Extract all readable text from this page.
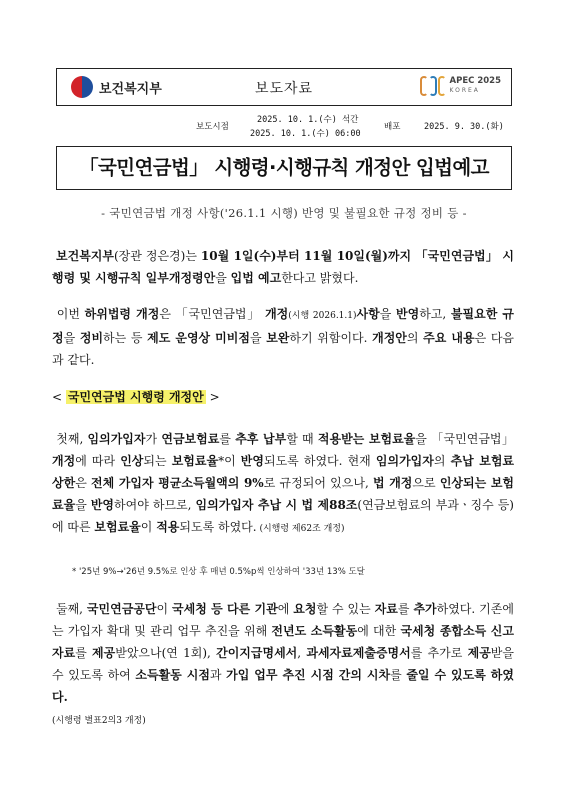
보건복지부	보도자료	APEC 2025
KOREA
보도시점
2025. 10. 1.(수) 석간
2025. 10. 1.(수) 06:00
배포	2025. 9. 30.(화)
「국민연금법」 시행령·시행규칙 개정안 입법예고
- 국민연금법 개정 사항('26.1.1 시행) 반영 및 불필요한 규정 정비 등 -

보건복지부(장관 정은경)는 10월 1일(수)부터 11월 10일(월)까지 「국민연금법」 시행령 및 시행규칙 일부개정령안을 입법 예고한다고 밝혔다.

이번 하위법령 개정은 「국민연금법」 개정(시행 2026.1.1)사항을 반영하고, 불필요한 규정을 정비하는 등 제도 운영상 미비점을 보완하기 위함이다. 개정안의 주요 내용은 다음과 같다.

< 국민연금법 시행령 개정안 >

첫째, 임의가입자가 연금보험료를 추후 납부할 때 적용받는 보험료율을 「국민연금법」 개정에 따라 인상되는 보험료율*이 반영되도록 하였다. 현재 임의가입자의 추납 보험료 상한은 전체 가입자 평균소득월액의 9%로 규정되어 있으나, 법 개정으로 인상되는 보험료율을 반영하여야 하므로, 임의가입자 추납 시 법 제88조(연금보험료의 부과ㆍ징수 등)에 따른 보험료율이 적용되도록 하였다. (시행령 제62조 개정)

* '25년 9%→'26년 9.5%로 인상 후 매년 0.5%p씩 인상하여 '33년 13% 도달

둘째, 국민연금공단이 국세청 등 다른 기관에 요청할 수 있는 자료를 추가하였다. 기존에는 가입자 확대 및 관리 업무 추진을 위해 전년도 소득활동에 대한 국세청 종합소득 신고자료를 제공받았으나(연 1회), 간이지급명세서, 과세자료제출증명서를 추가로 제공받을 수 있도록 하여 소득활동 시점과 가입 업무 추진 시점 간의 시차를 줄일 수 있도록 하였다.
(시행령 별표2의3 개정)
